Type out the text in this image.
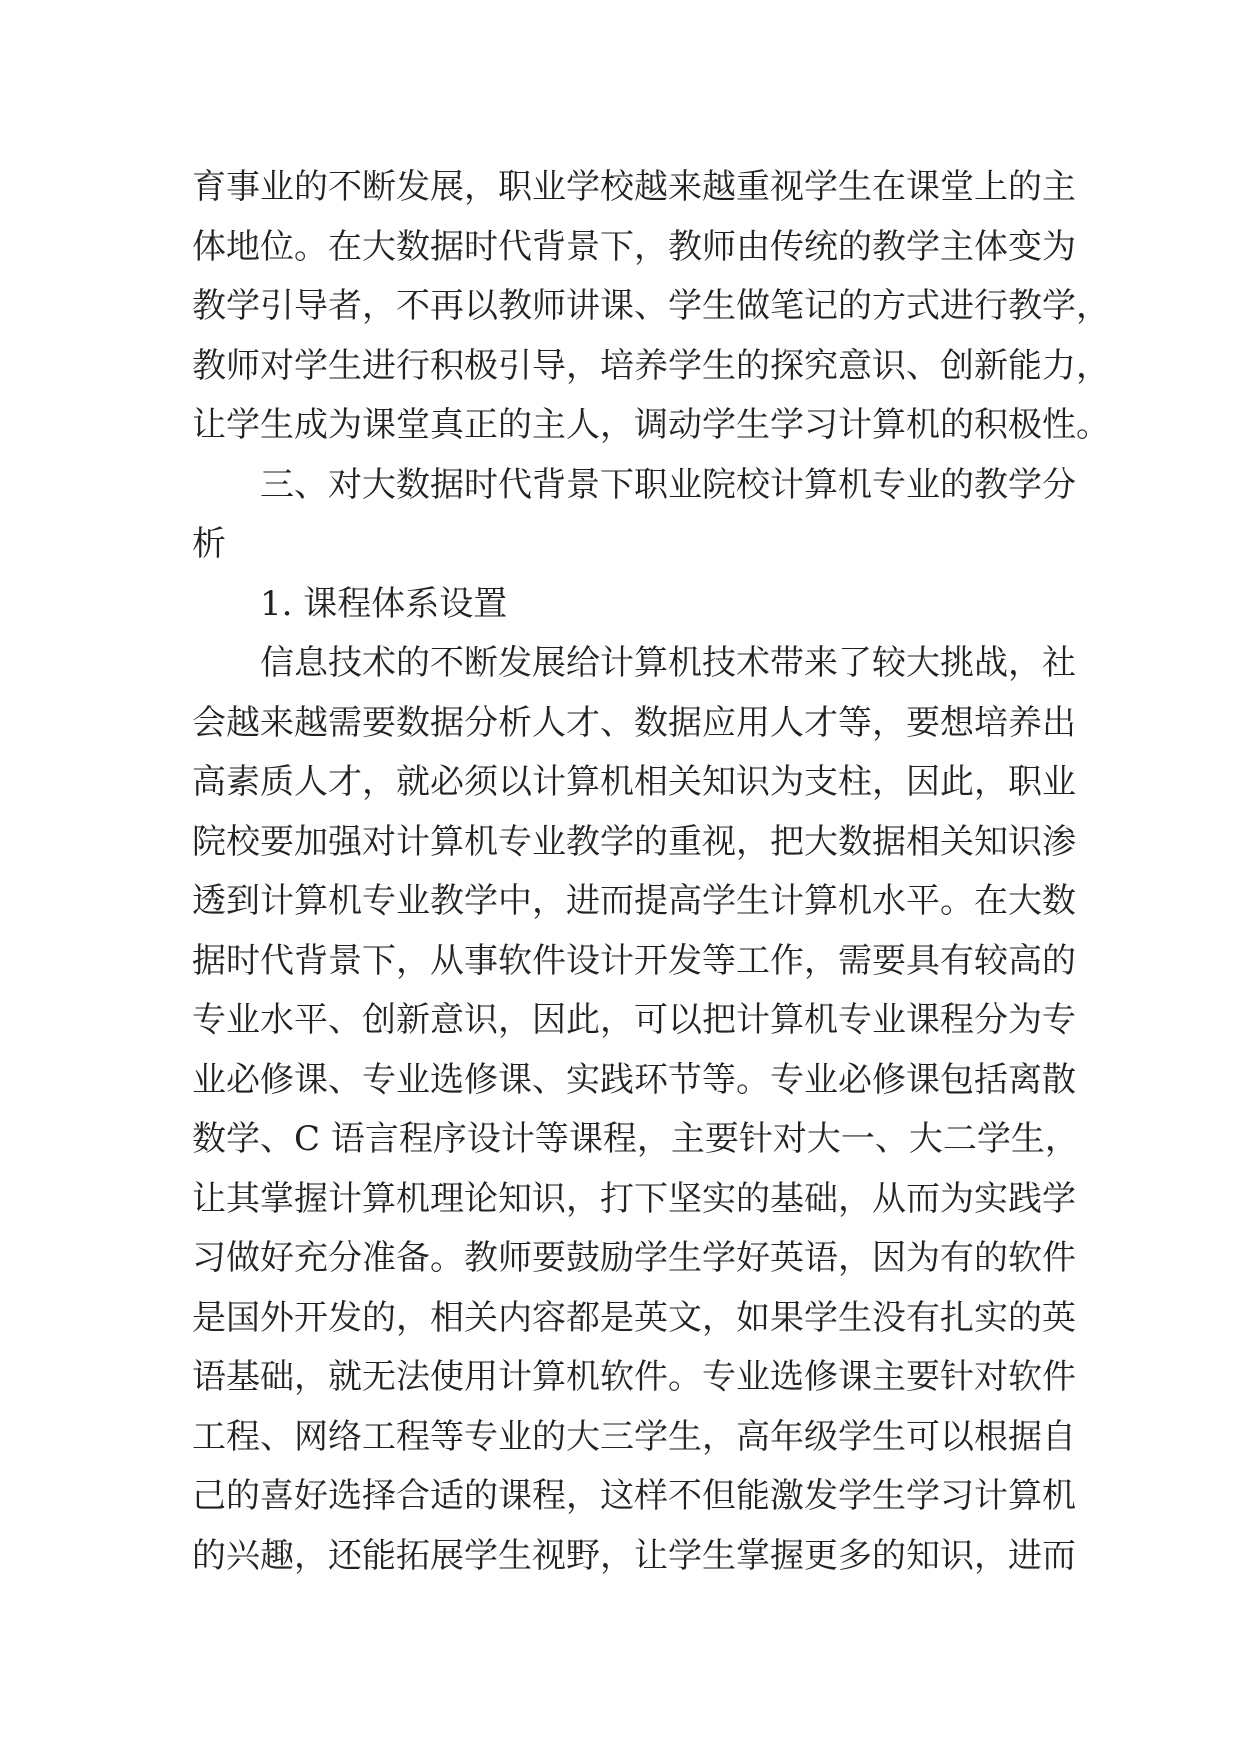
育事业的不断发展，职业学校越来越重视学生在课堂上的主
体地位。在大数据时代背景下，教师由传统的教学主体变为
教学引导者，不再以教师讲课、学生做笔记的方式进行教学，
教师对学生进行积极引导，培养学生的探究意识、创新能力，
让学生成为课堂真正的主人，调动学生学习计算机的积极性。
三、对大数据时代背景下职业院校计算机专业的教学分
析
1. 课程体系设置
信息技术的不断发展给计算机技术带来了较大挑战，社
会越来越需要数据分析人才、数据应用人才等，要想培养出
高素质人才，就必须以计算机相关知识为支柱，因此，职业
院校要加强对计算机专业教学的重视，把大数据相关知识渗
透到计算机专业教学中，进而提高学生计算机水平。在大数
据时代背景下，从事软件设计开发等工作，需要具有较高的
专业水平、创新意识，因此，可以把计算机专业课程分为专
业必修课、专业选修课、实践环节等。专业必修课包括离散
数学、C 语言程序设计等课程，主要针对大一、大二学生，
让其掌握计算机理论知识，打下坚实的基础，从而为实践学
习做好充分准备。教师要鼓励学生学好英语，因为有的软件
是国外开发的，相关内容都是英文，如果学生没有扎实的英
语基础，就无法使用计算机软件。专业选修课主要针对软件
工程、网络工程等专业的大三学生，高年级学生可以根据自
己的喜好选择合适的课程，这样不但能激发学生学习计算机
的兴趣，还能拓展学生视野，让学生掌握更多的知识，进而
